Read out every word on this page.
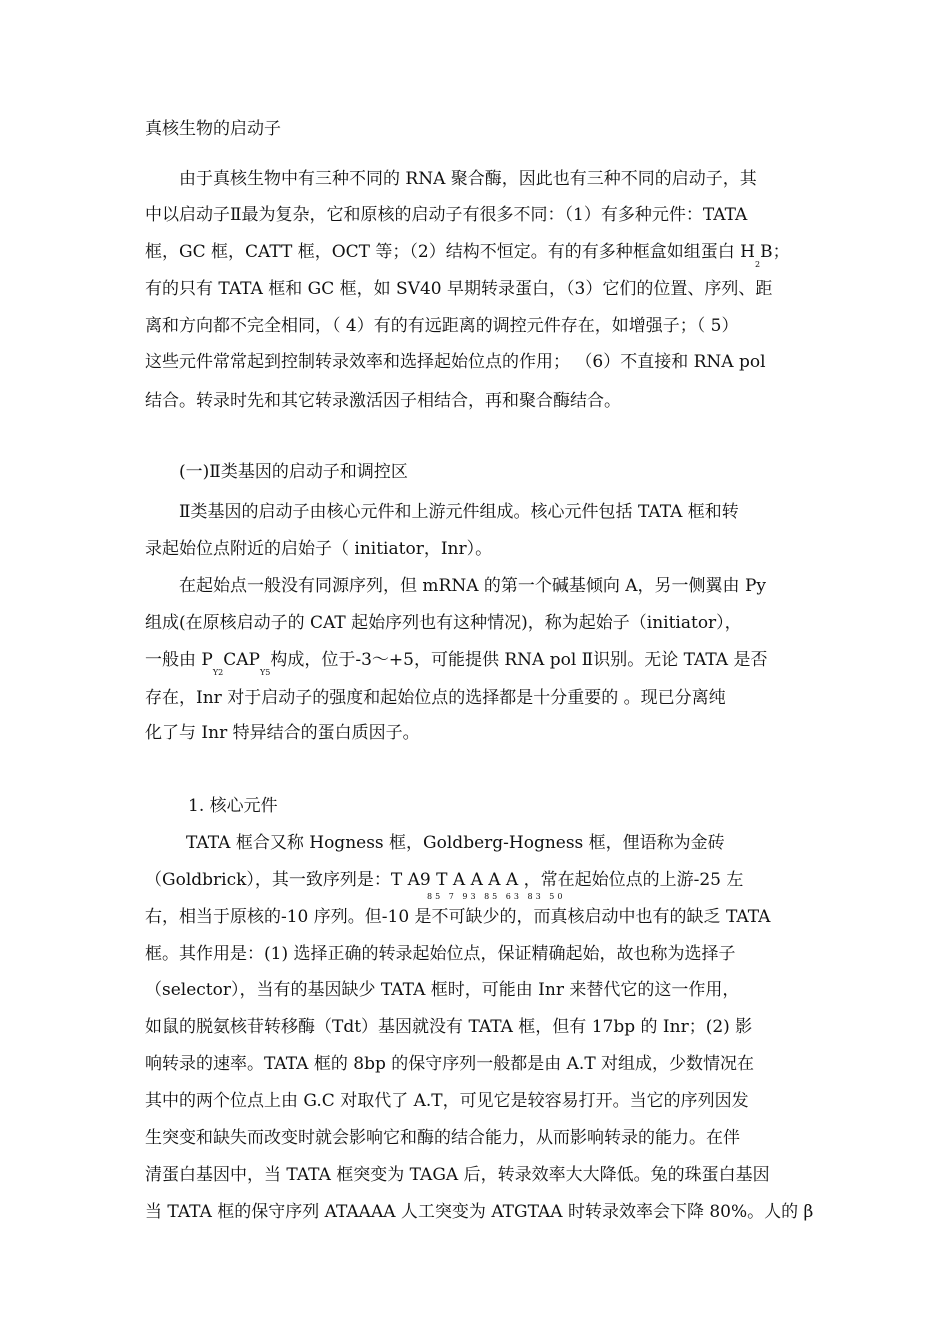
真核生物的启动子
由于真核生物中有三种不同的 RNA 聚合酶，因此也有三种不同的启动子，其
中以启动子Ⅱ最为复杂，它和原核的启动子有很多不同：（1）有多种元件：TATA
框，GC 框，CATT 框，OCT 等；（2）结构不恒定。有的有多种框盒如组蛋白 $H_2B$；
有的只有 TATA 框和 GC 框，如 SV40 早期转录蛋白，（3）它们的位置、序列、距
离和方向都不完全相同，（ 4）有的有远距离的调控元件存在，如增强子；（ 5）
这些元件常常起到控制转录效率和选择起始位点的作用； （6）不直接和 RNA pol
结合。转录时先和其它转录激活因子相结合，再和聚合酶结合。
(一)Ⅱ类基因的启动子和调控区
Ⅱ类基因的启动子由核心元件和上游元件组成。核心元件包括 TATA 框和转
录起始位点附近的启始子（ initiator，Inr）。
在起始点一般没有同源序列，但 mRNA 的第一个碱基倾向 A，另一侧翼由 Py
组成(在原核启动子的 CAT 起始序列也有这种情况)，称为起始子（initiator），
一般由 $P_{Y2}CAP_{Y5}$构成，位于-3～+5，可能提供 RNA pol Ⅱ识别。无论 TATA 是否
存在，Inr 对于启动子的强度和起始位点的选择都是十分重要的 。现已分离纯
化了与 Inr 特异结合的蛋白质因子。
1. 核心元件
TATA 框合又称 Hogness 框，Goldberg-Hogness 框，俚语称为金砖
（Goldbrick），其一致序列是：T A9 T A A A A ，常在起始位点的上游-25 左
85 7 93 85 63 83 50
右，相当于原核的-10 序列。但-10 是不可缺少的，而真核启动中也有的缺乏 TATA
框。其作用是：(1) 选择正确的转录起始位点，保证精确起始，故也称为选择子
（selector），当有的基因缺少 TATA 框时，可能由 Inr 来替代它的这一作用，
如鼠的脱氨核苷转移酶（Tdt）基因就没有 TATA 框，但有 17bp 的 Inr；(2) 影
响转录的速率。TATA 框的 8bp 的保守序列一般都是由 A.T 对组成，少数情况在
其中的两个位点上由 G.C 对取代了 A.T，可见它是较容易打开。当它的序列因发
生突变和缺失而改变时就会影响它和酶的结合能力，从而影响转录的能力。在伴
清蛋白基因中，当 TATA 框突变为 TAGA 后，转录效率大大降低。兔的珠蛋白基因
当 TATA 框的保守序列 ATAAAA 人工突变为 ATGTAA 时转录效率会下降 80%。人的 β
